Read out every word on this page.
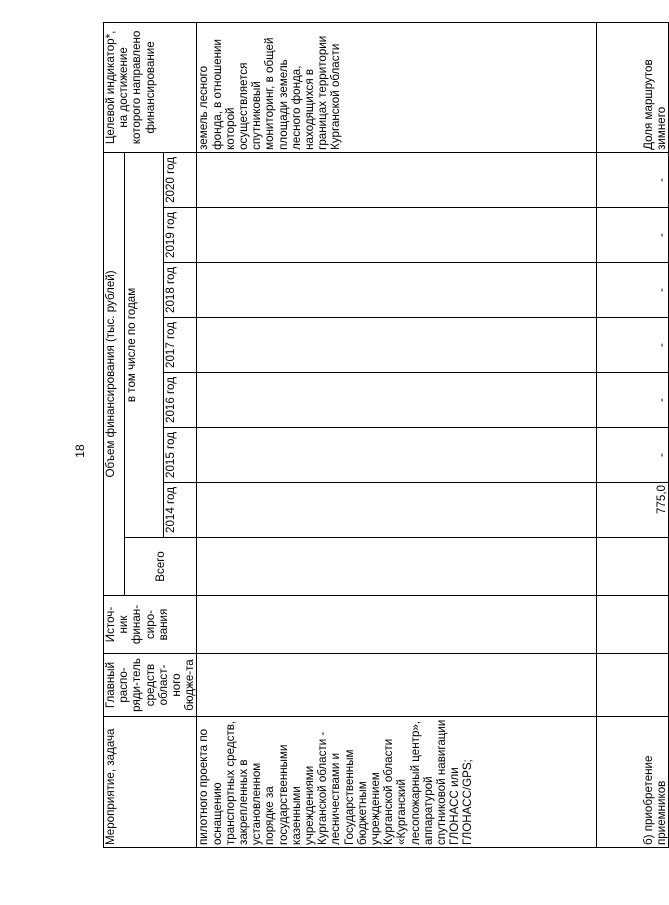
18
Мероприятие, задача	Главный распо-ряди-тель средств област-ного бюдже-та	Источ-ник финан-сиро-вания	Объем финансирования (тыс. рублей)								Целевой индикатор*, на достижение которого направлено финансирование
			Всего	в том числе по годам							
				2014 год	2015 год	2016 год	2017 год	2018 год	2019 год	2020 год	
пилотного проекта по оснащению транспортных средств, закрепленных в установленном порядке за государственными казенными учреждениями Курганской области - лесничествами и Государственным бюджетным учреждением Курганской области «Курганский лесопожарный центр», аппаратурой спутниковой навигации ГЛОНАСС или ГЛОНАСС/GPS;											земель лесного фонда, в отношении которой осуществляется спутниковый мониторинг, в общей площади земель лесного фонда, находящихся в границах территории Курганской области
б) приобретение приемников				775,0	-	-	-	-	-	-	Доля маршрутов зимнего
